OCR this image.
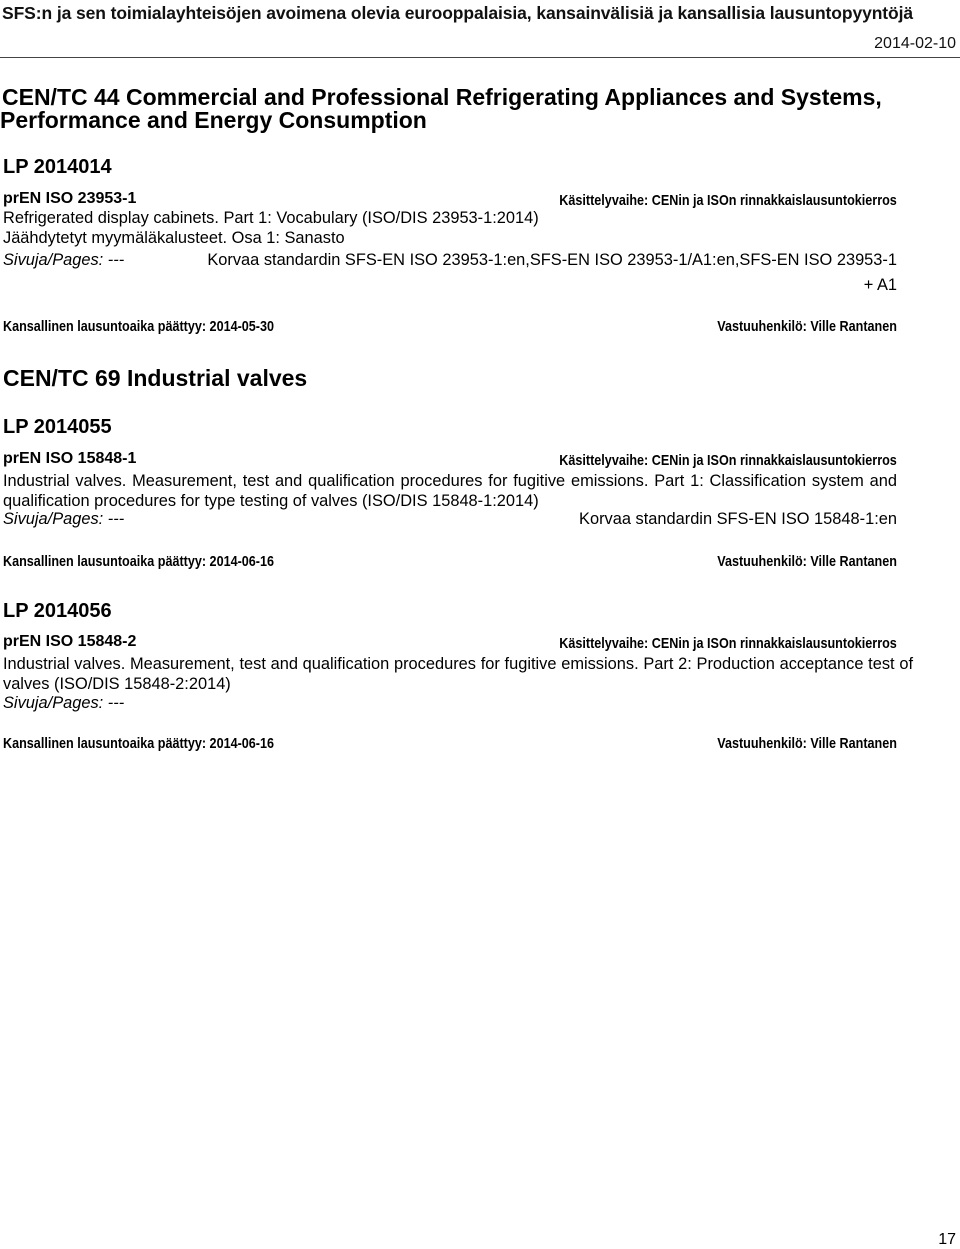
SFS:n ja sen toimialayhteisöjen avoimena olevia eurooppalaisia, kansainvälisiä ja kansallisia lausuntopyyntöjä
2014-02-10
CEN/TC 44 Commercial and Professional Refrigerating Appliances and Systems,
Performance and Energy Consumption
LP 2014014
prEN ISO 23953-1	Käsittelyvaihe: CENin ja ISOn rinnakkaislausuntokierros
Refrigerated display cabinets. Part 1: Vocabulary (ISO/DIS 23953-1:2014)
Jäähdytetyt myymäläkalusteet. Osa 1: Sanasto
Sivuja/Pages: ---	Korvaa standardin SFS-EN ISO 23953-1:en,SFS-EN ISO 23953-1/A1:en,SFS-EN ISO 23953-1
+ A1
Kansallinen lausuntoaika päättyy: 2014-05-30	Vastuuhenkilö: Ville Rantanen
CEN/TC 69 Industrial valves
LP 2014055
prEN ISO 15848-1	Käsittelyvaihe: CENin ja ISOn rinnakkaislausuntokierros
Industrial valves. Measurement, test and qualification procedures for fugitive emissions. Part 1: Classification system and qualification procedures for type testing of valves (ISO/DIS 15848-1:2014)
Sivuja/Pages: ---	Korvaa standardin SFS-EN ISO 15848-1:en
Kansallinen lausuntoaika päättyy: 2014-06-16	Vastuuhenkilö: Ville Rantanen
LP 2014056
prEN ISO 15848-2	Käsittelyvaihe: CENin ja ISOn rinnakkaislausuntokierros
Industrial valves. Measurement, test and qualification procedures for fugitive emissions. Part 2: Production acceptance test of valves (ISO/DIS 15848-2:2014)
Sivuja/Pages: ---
Kansallinen lausuntoaika päättyy: 2014-06-16	Vastuuhenkilö: Ville Rantanen
17
